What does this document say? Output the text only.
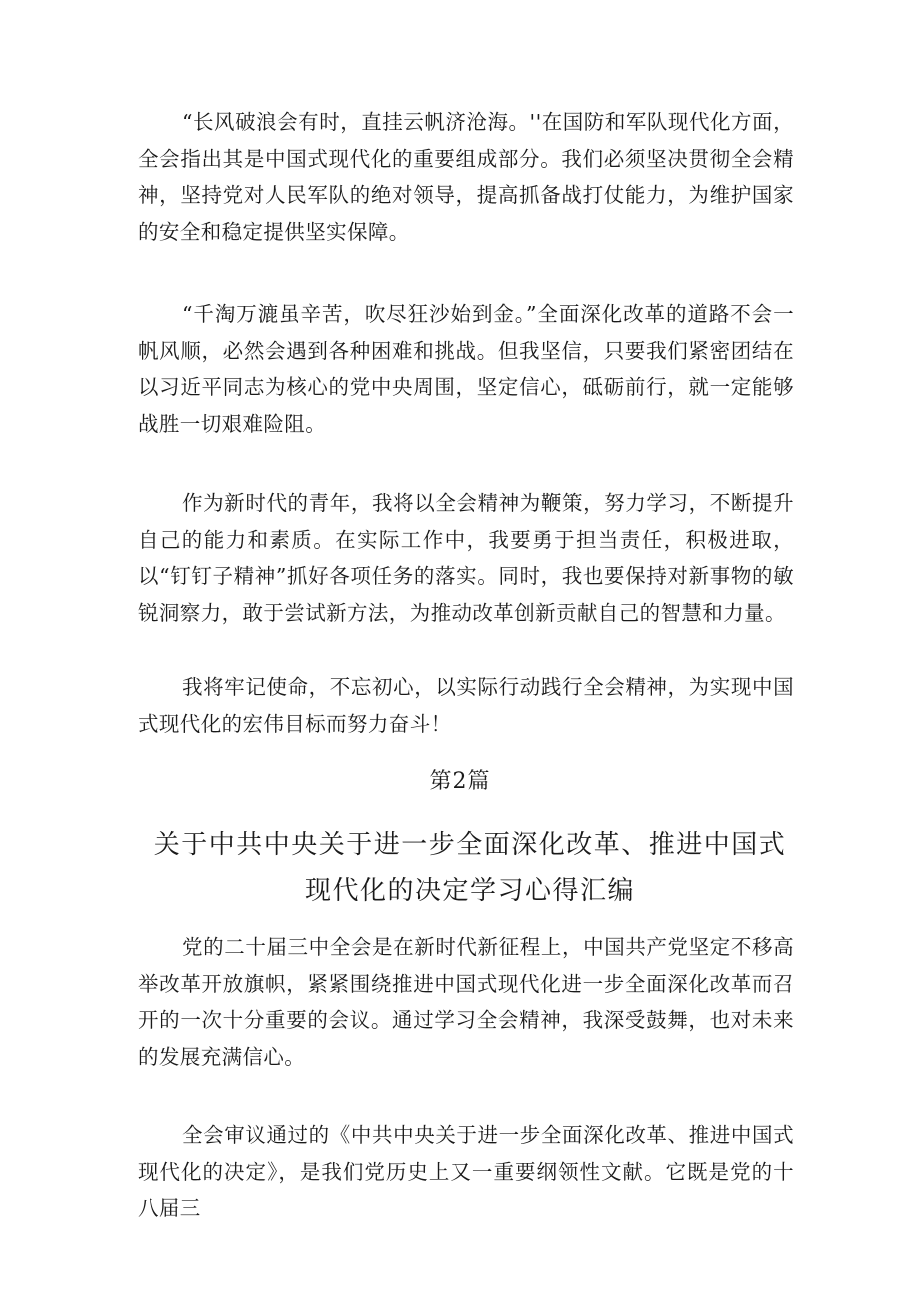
“长风破浪会有时，直挂云帆济沧海。''在国防和军队现代化方面，全会指出其是中国式现代化的重要组成部分。我们必须坚决贯彻全会精神，坚持党对人民军队的绝对领导，提高抓备战打仗能力，为维护国家的安全和稳定提供坚实保障。

“千淘万漉虽辛苦，吹尽狂沙始到金。”全面深化改革的道路不会一帆风顺，必然会遇到各种困难和挑战。但我坚信，只要我们紧密团结在以习近平同志为核心的党中央周围，坚定信心，砥砺前行，就一定能够战胜一切艰难险阻。

作为新时代的青年，我将以全会精神为鞭策，努力学习，不断提升自己的能力和素质。在实际工作中，我要勇于担当责任，积极进取，以“钉钉子精神”抓好各项任务的落实。同时，我也要保持对新事物的敏锐洞察力，敢于尝试新方法，为推动改革创新贡献自己的智慧和力量。

我将牢记使命，不忘初心，以实际行动践行全会精神，为实现中国式现代化的宏伟目标而努力奋斗！

第2篇

关于中共中央关于进一步全面深化改革、推进中国式现代化的决定学习心得汇编

党的二十届三中全会是在新时代新征程上，中国共产党坚定不移高举改革开放旗帜，紧紧围绕推进中国式现代化进一步全面深化改革而召开的一次十分重要的会议。通过学习全会精神，我深受鼓舞，也对未来的发展充满信心。

全会审议通过的《中共中央关于进一步全面深化改革、推进中国式现代化的决定》，是我们党历史上又一重要纲领性文献。它既是党的十八届三
